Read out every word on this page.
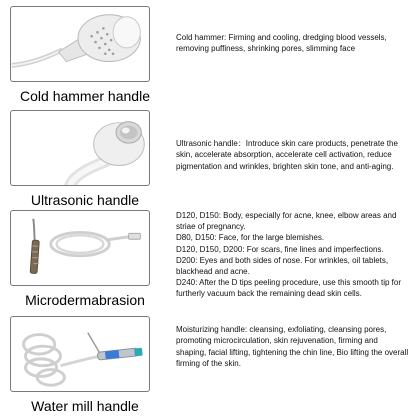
Cold hammer handle

Cold hammer: Firming and cooling, dredging blood vessels, removing puffiness, shrinking pores, slimming face

Ultrasonic handle

Ultrasonic handle：Introduce skin care products, penetrate the skin, accelerate absorption, accelerate cell activation, reduce pigmentation and wrinkles, brighten skin tone, and anti-aging.

Microdermabrasion

D120, D150: Body, especially for acne, knee, elbow areas and striae of pregnancy.

D80, D150: Face, for the large blemishes.

D120, D150, D200: For scars, fine lines and imperfections.

D200: Eyes and both sides of nose. For wrinkles, oil tablets, blackhead and acne.

D240: After the D tips peeling procedure, use this smooth tip for furtherly vacuum back the remaining dead skin cells.

Water mill handle

Moisturizing handle: cleansing, exfoliating, cleansing pores, promoting microcirculation, skin rejuvenation, firming and shaping, facial lifting, tightening the chin line, Bio lifting the overall firming of the skin.
